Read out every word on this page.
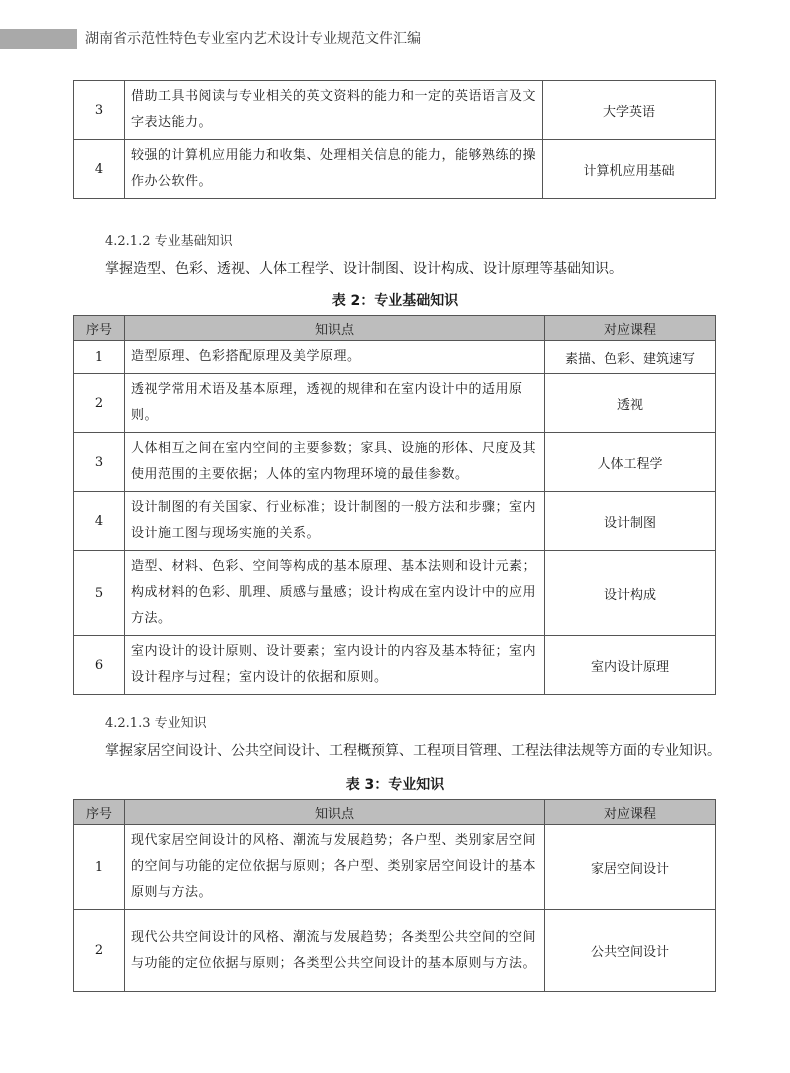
湖南省示范性特色专业室内艺术设计专业规范文件汇编
3	借助工具书阅读与专业相关的英文资料的能力和一定的英语语言及文字表达能力。	大学英语
4	较强的计算机应用能力和收集、处理相关信息的能力，能够熟练的操作办公软件。	计算机应用基础
4.2.1.2 专业基础知识
掌握造型、色彩、透视、人体工程学、设计制图、设计构成、设计原理等基础知识。
表 2：专业基础知识
序号	知识点	对应课程
1	造型原理、色彩搭配原理及美学原理。	素描、色彩、建筑速写
2	透视学常用术语及基本原理，透视的规律和在室内设计中的适用原则。	透视
3	人体相互之间在室内空间的主要参数；家具、设施的形体、尺度及其使用范围的主要依据；人体的室内物理环境的最佳参数。	人体工程学
4	设计制图的有关国家、行业标准；设计制图的一般方法和步骤；室内设计施工图与现场实施的关系。	设计制图
5	造型、材料、色彩、空间等构成的基本原理、基本法则和设计元素；构成材料的色彩、肌理、质感与量感；设计构成在室内设计中的应用方法。	设计构成
6	室内设计的设计原则、设计要素；室内设计的内容及基本特征；室内设计程序与过程；室内设计的依据和原则。	室内设计原理
4.2.1.3 专业知识
掌握家居空间设计、公共空间设计、工程概预算、工程项目管理、工程法律法规等方面的专业知识。
表 3：专业知识
序号	知识点	对应课程
1	现代家居空间设计的风格、潮流与发展趋势；各户型、类别家居空间的空间与功能的定位依据与原则；各户型、类别家居空间设计的基本原则与方法。	家居空间设计
2	现代公共空间设计的风格、潮流与发展趋势；各类型公共空间的空间与功能的定位依据与原则；各类型公共空间设计的基本原则与方法。	公共空间设计
